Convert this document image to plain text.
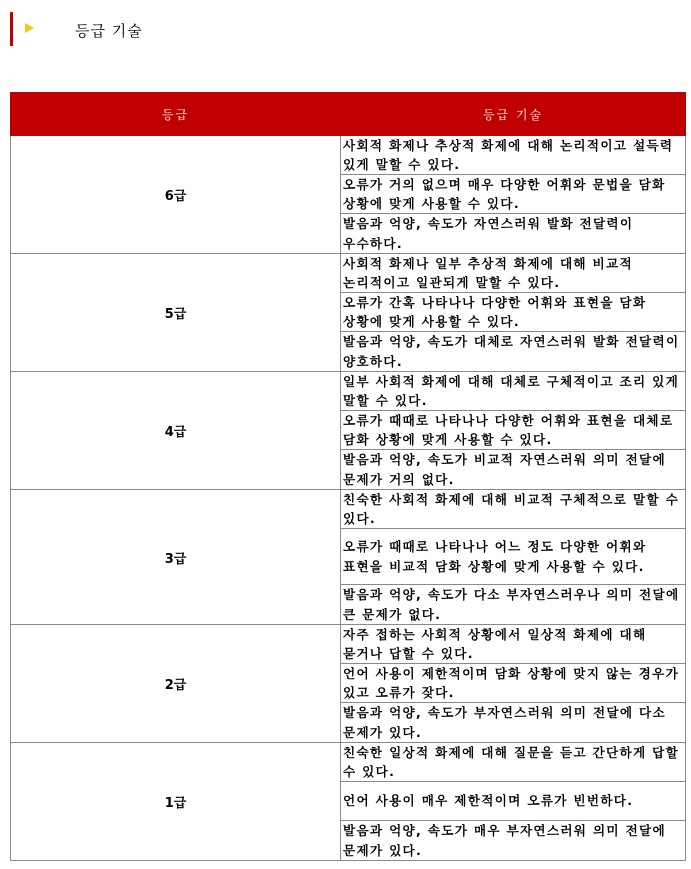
등급 기술
등급	등급 기술
6급	사회적 화제나 추상적 화제에 대해 논리적이고 설득력 있게 말할 수 있다.
오류가 거의 없으며 매우 다양한 어휘와 문법을 담화 상황에 맞게 사용할 수 있다.
발음과 억양, 속도가 자연스러워 발화 전달력이 우수하다.

5급	사회적 화제나 일부 추상적 화제에 대해 비교적 논리적이고 일관되게 말할 수 있다.
오류가 간혹 나타나나 다양한 어휘와 표현을 담화 상황에 맞게 사용할 수 있다.
발음과 억양, 속도가 대체로 자연스러워 발화 전달력이 양호하다.

4급	일부 사회적 화제에 대해 대체로 구체적이고 조리 있게 말할 수 있다.
오류가 때때로 나타나나 다양한 어휘와 표현을 대체로 담화 상황에 맞게 사용할 수 있다.
발음과 억양, 속도가 비교적 자연스러워 의미 전달에 문제가 거의 없다.

3급	친숙한 사회적 화제에 대해 비교적 구체적으로 말할 수 있다.
오류가 때때로 나타나나 어느 정도 다양한 어휘와 표현을 비교적 담화 상황에 맞게 사용할 수 있다.
발음과 억양, 속도가 다소 부자연스러우나 의미 전달에 큰 문제가 없다.

2급	자주 접하는 사회적 상황에서 일상적 화제에 대해 묻거나 답할 수 있다.
언어 사용이 제한적이며 담화 상황에 맞지 않는 경우가 있고 오류가 잦다.
발음과 억양, 속도가 부자연스러워 의미 전달에 다소 문제가 있다.

1급	친숙한 일상적 화제에 대해 질문을 듣고 간단하게 답할 수 있다.
언어 사용이 매우 제한적이며 오류가 빈번하다.
발음과 억양, 속도가 매우 부자연스러워 의미 전달에 문제가 있다.
